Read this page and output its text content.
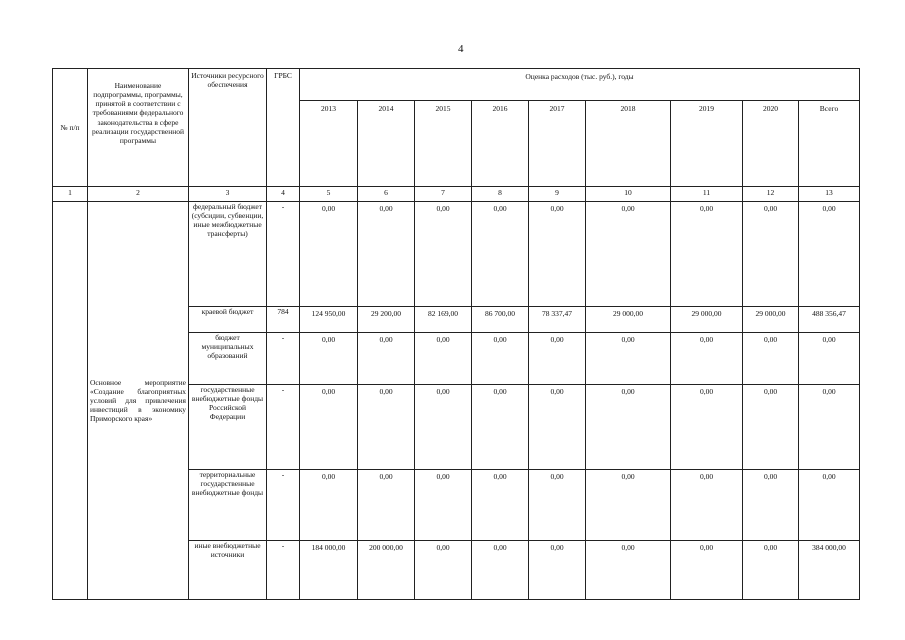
4
№ п/п	Наименование подпрограммы, программы, принятой в соответствии с требованиями федерального законодательства в сфере реализации государственной программы	Источники ресурсного обеспечения	ГРБС	Оценка расходов (тыс. руб.), годы								
				2013	2014	2015	2016	2017	2018	2019	2020	Всего
1	2	3	4	5	6	7	8	9	10	11	12	13
	Основное мероприятие «Создание благоприятных условий для привлечения инвестиций в экономику Приморского края»	федеральный бюджет (субсидии, субвенции, иные межбюджетные трансферты)	-	0,00	0,00	0,00	0,00	0,00	0,00	0,00	0,00	0,00
		краевой бюджет	784	124 950,00	29 200,00	82 169,00	86 700,00	78 337,47	29 000,00	29 000,00	29 000,00	488 356,47
		бюджет муниципальных образований	-	0,00	0,00	0,00	0,00	0,00	0,00	0,00	0,00	0,00
		государственные внебюджетные фонды Российской Федерации	-	0,00	0,00	0,00	0,00	0,00	0,00	0,00	0,00	0,00
		территориальные государственные внебюджетные фонды	-	0,00	0,00	0,00	0,00	0,00	0,00	0,00	0,00	0,00
		иные внебюджетные источники	-	184 000,00	200 000,00	0,00	0,00	0,00	0,00	0,00	0,00	384 000,00
